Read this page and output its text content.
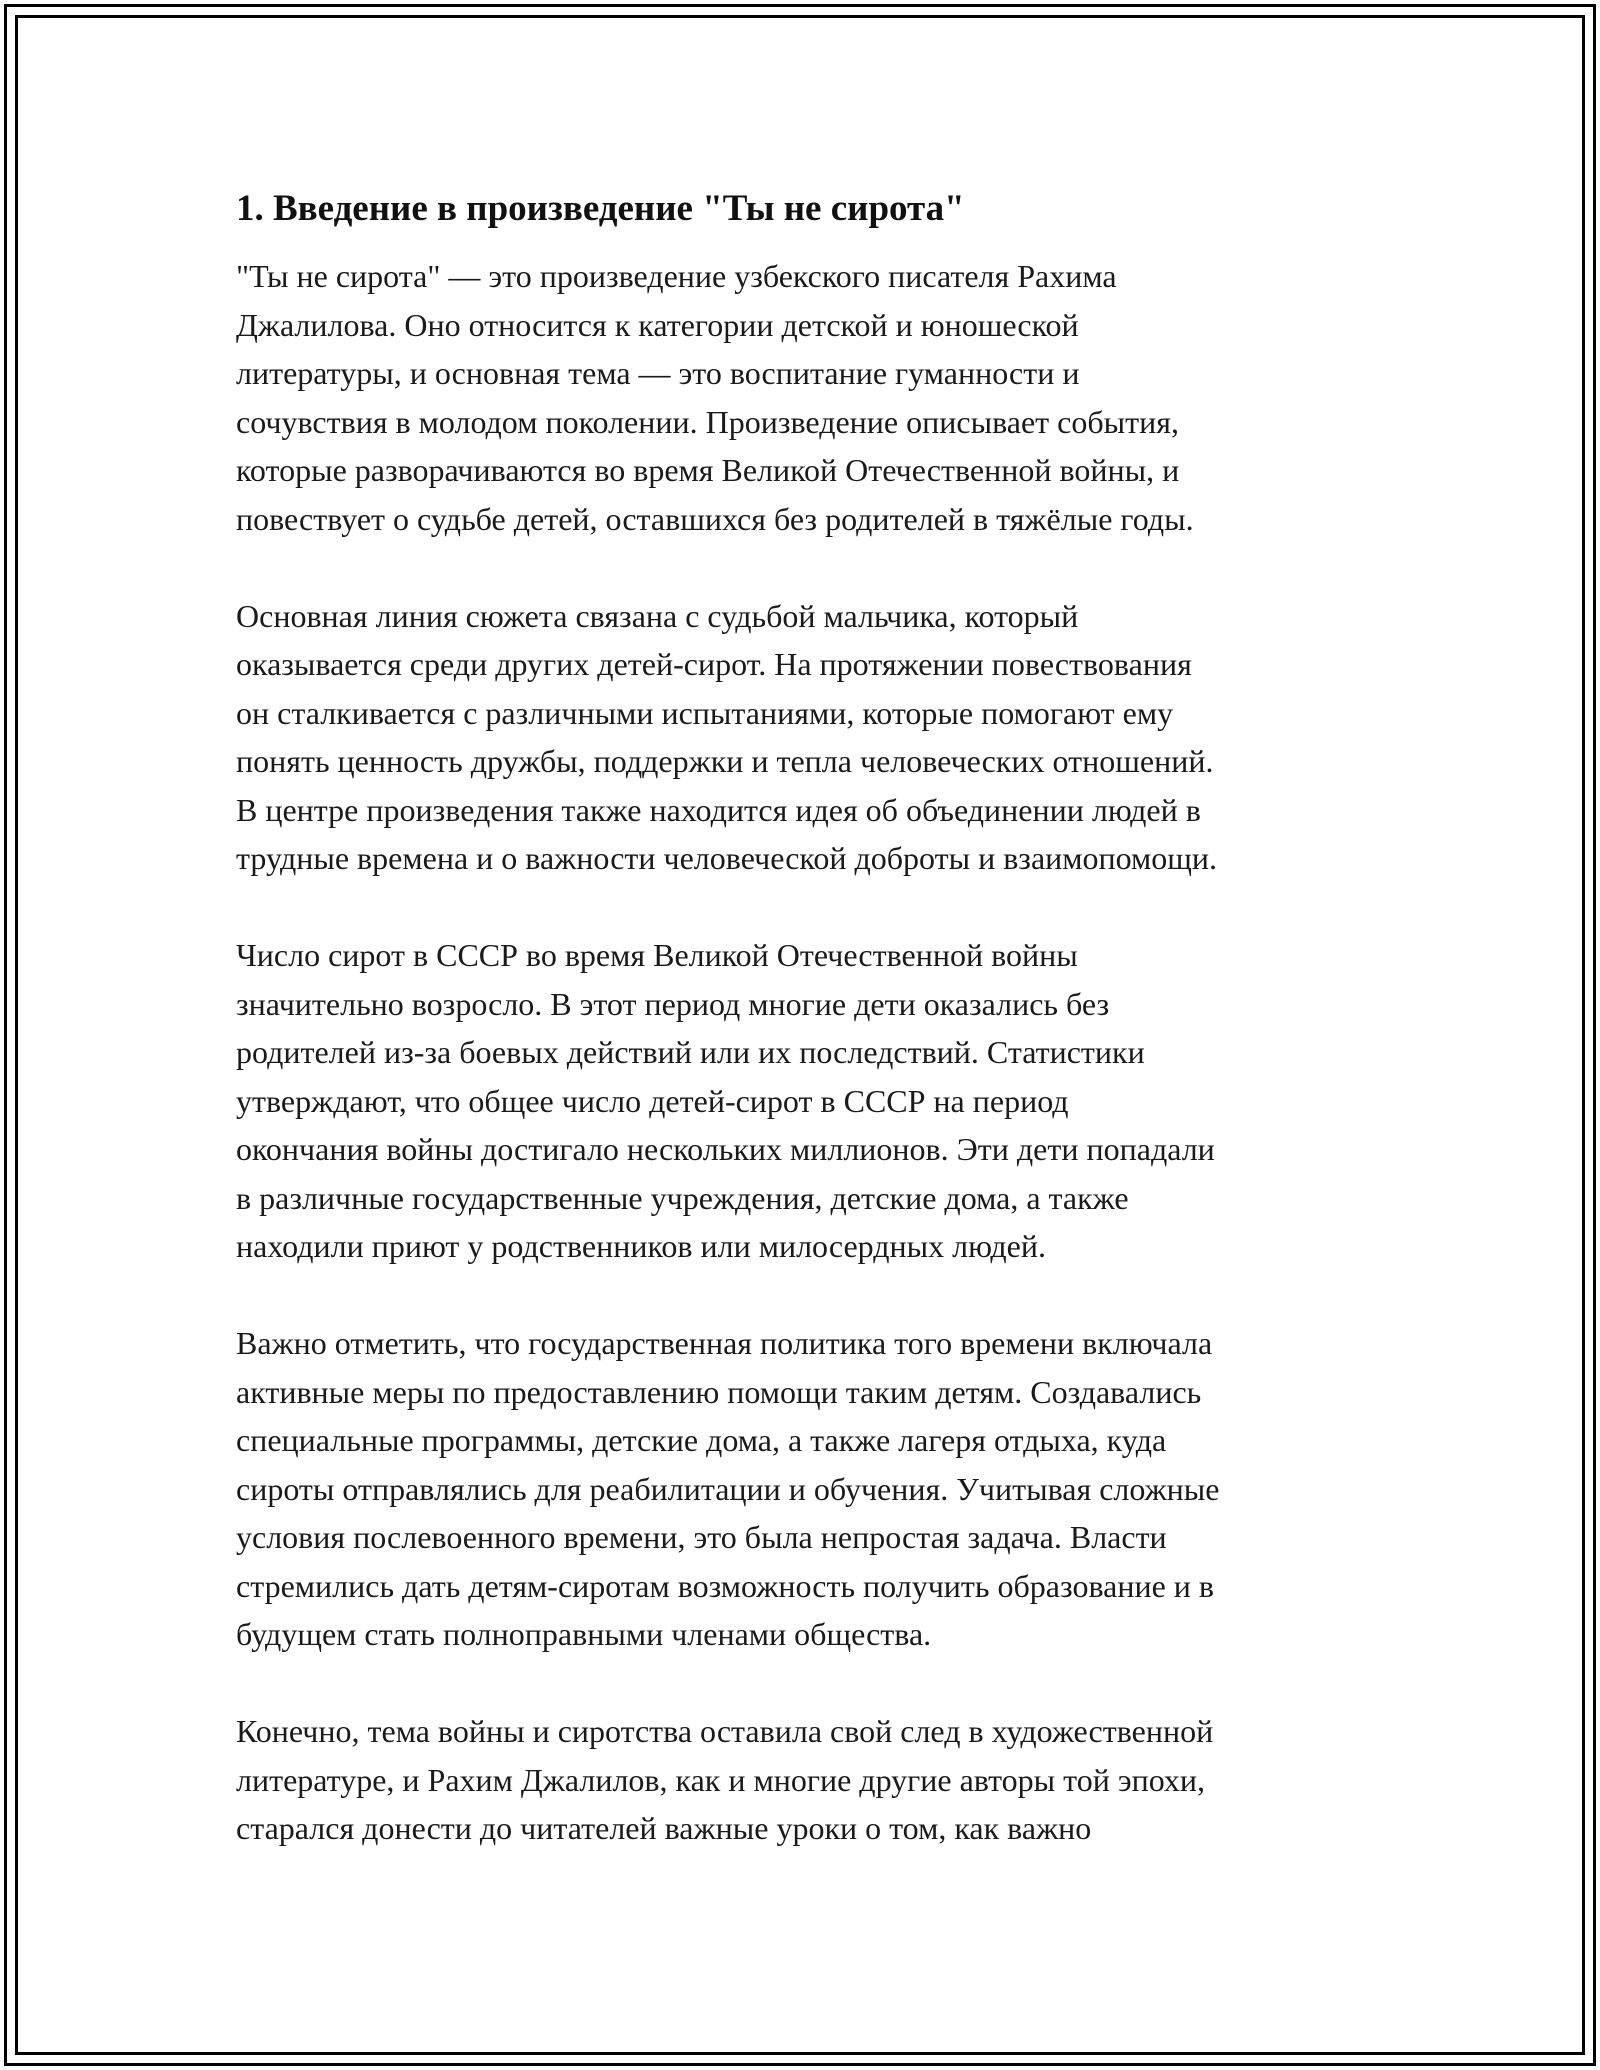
1. Введение в произведение "Ты не сирота"

"Ты не сирота" — это произведение узбекского писателя Рахима
Джалилова. Оно относится к категории детской и юношеской
литературы, и основная тема — это воспитание гуманности и
сочувствия в молодом поколении. Произведение описывает события,
которые разворачиваются во время Великой Отечественной войны, и
повествует о судьбе детей, оставшихся без родителей в тяжёлые годы.

Основная линия сюжета связана с судьбой мальчика, который
оказывается среди других детей-сирот. На протяжении повествования
он сталкивается с различными испытаниями, которые помогают ему
понять ценность дружбы, поддержки и тепла человеческих отношений.
В центре произведения также находится идея об объединении людей в
трудные времена и о важности человеческой доброты и взаимопомощи.

Число сирот в СССР во время Великой Отечественной войны
значительно возросло. В этот период многие дети оказались без
родителей из-за боевых действий или их последствий. Статистики
утверждают, что общее число детей-сирот в СССР на период
окончания войны достигало нескольких миллионов. Эти дети попадали
в различные государственные учреждения, детские дома, а также
находили приют у родственников или милосердных людей.

Важно отметить, что государственная политика того времени включала
активные меры по предоставлению помощи таким детям. Создавались
специальные программы, детские дома, а также лагеря отдыха, куда
сироты отправлялись для реабилитации и обучения. Учитывая сложные
условия послевоенного времени, это была непростая задача. Власти
стремились дать детям-сиротам возможность получить образование и в
будущем стать полноправными членами общества.

Конечно, тема войны и сиротства оставила свой след в художественной
литературе, и Рахим Джалилов, как и многие другие авторы той эпохи,
старался донести до читателей важные уроки о том, как важно
